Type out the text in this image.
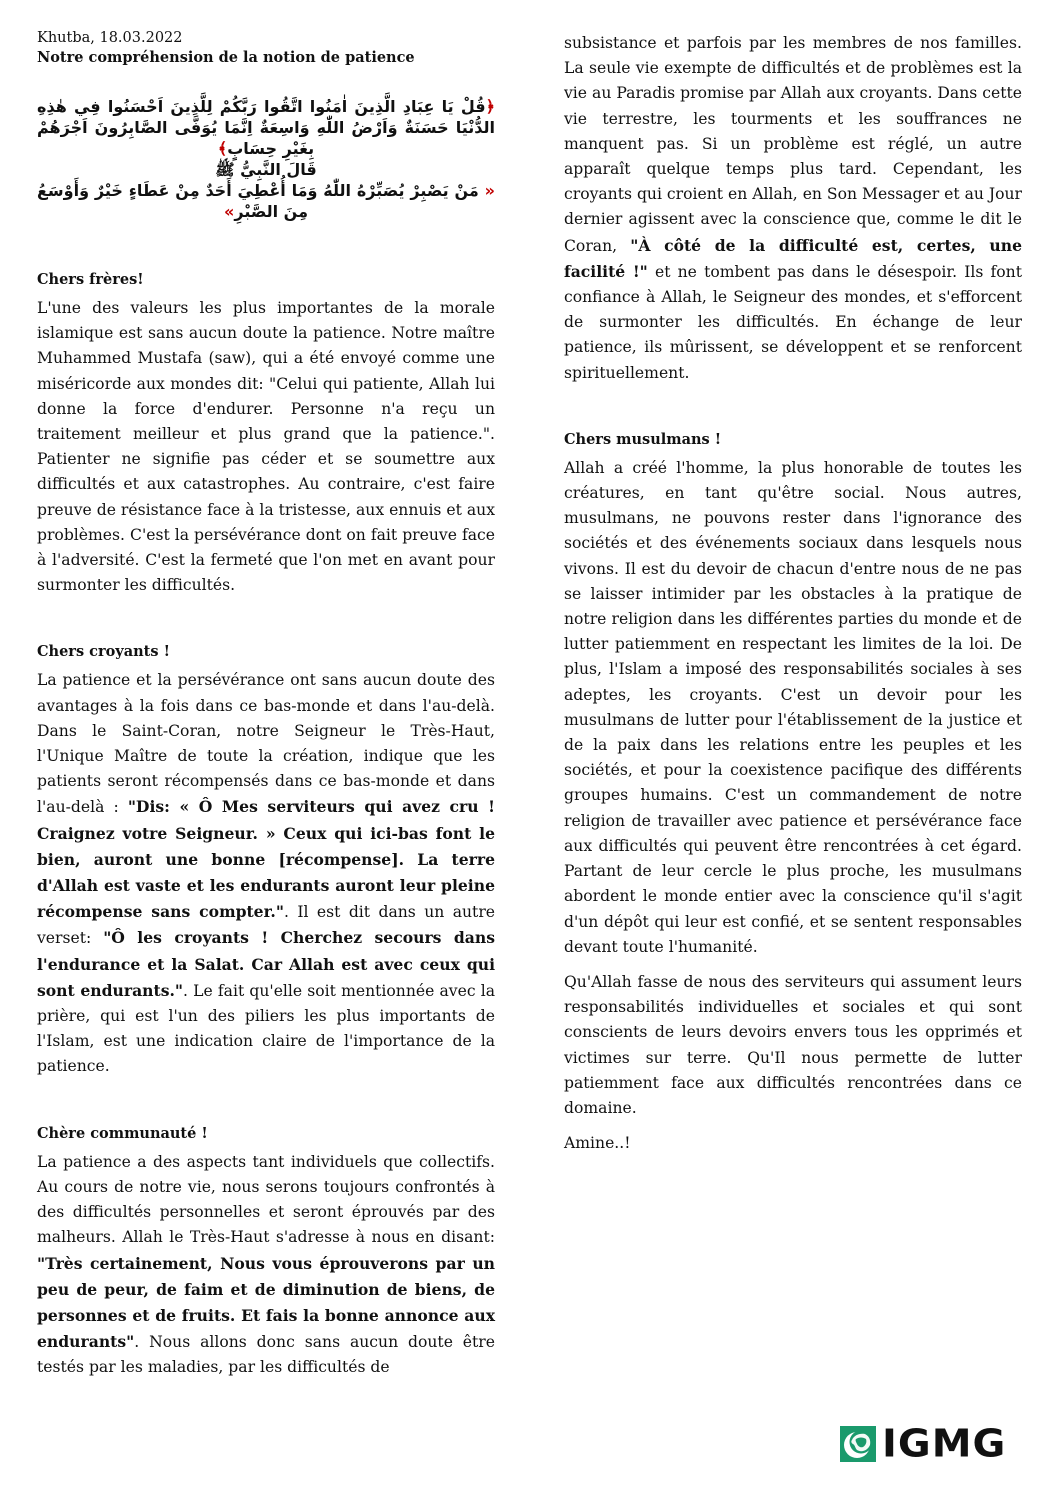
Khutba, 18.03.2022

Notre compréhension de la notion de patience

﴿قُلْ يَا عِبَادِ الَّذِينَ اٰمَنُوا اتَّقُوا رَبَّكُمْ لِلَّذِينَ اَحْسَنُوا فِي هٰذِهِ الدُّنْيَا حَسَنَةٌ وَاَرْضُ اللّٰهِ وَاسِعَةٌ اِنَّمَا يُوَفَّى الصَّابِرُونَ اَجْرَهُمْ بِغَيْرِ حِسَابٍ﴾
قَالَ النَّبِيُّ ﷺ
« مَنْ يَصْبِرْ يُصَبِّرْهُ اللّٰهُ وَمَا أُعْطِيَ أَحَدٌ مِنْ عَطَاءٍ خَيْرٌ وَأَوْسَعُ مِنَ الصَّبْرِ»

Chers frères!

L'une des valeurs les plus importantes de la morale islamique est sans aucun doute la patience. Notre maître Muhammed Mustafa (saw), qui a été envoyé comme une miséricorde aux mondes dit: "Celui qui patiente, Allah lui donne la force d'endurer. Personne n'a reçu un traitement meilleur et plus grand que la patience.". Patienter ne signifie pas céder et se soumettre aux difficultés et aux catastrophes. Au contraire, c'est faire preuve de résistance face à la tristesse, aux ennuis et aux problèmes. C'est la persévérance dont on fait preuve face à l'adversité. C'est la fermeté que l'on met en avant pour surmonter les difficultés.

Chers croyants !

La patience et la persévérance ont sans aucun doute des avantages à la fois dans ce bas-monde et dans l'au-delà. Dans le Saint-Coran, notre Seigneur le Très-Haut, l'Unique Maître de toute la création, indique que les patients seront récompensés dans ce bas-monde et dans l'au-delà : "Dis: « Ô Mes serviteurs qui avez cru ! Craignez votre Seigneur. » Ceux qui ici-bas font le bien, auront une bonne [récompense]. La terre d'Allah est vaste et les endurants auront leur pleine récompense sans compter.". Il est dit dans un autre verset: "Ô les croyants ! Cherchez secours dans l'endurance et la Salat. Car Allah est avec ceux qui sont endurants.". Le fait qu'elle soit mentionnée avec la prière, qui est l'un des piliers les plus importants de l'Islam, est une indication claire de l'importance de la patience.

Chère communauté !

La patience a des aspects tant individuels que collectifs. Au cours de notre vie, nous serons toujours confrontés à des difficultés personnelles et seront éprouvés par des malheurs. Allah le Très-Haut s'adresse à nous en disant: "Très certainement, Nous vous éprouverons par un peu de peur, de faim et de diminution de biens, de personnes et de fruits. Et fais la bonne annonce aux endurants". Nous allons donc sans aucun doute être testés par les maladies, par les difficultés de

subsistance et parfois par les membres de nos familles. La seule vie exempte de difficultés et de problèmes est la vie au Paradis promise par Allah aux croyants. Dans cette vie terrestre, les tourments et les souffrances ne manquent pas. Si un problème est réglé, un autre apparaît quelque temps plus tard. Cependant, les croyants qui croient en Allah, en Son Messager et au Jour dernier agissent avec la conscience que, comme le dit le Coran, "À côté de la difficulté est, certes, une facilité !" et ne tombent pas dans le désespoir. Ils font confiance à Allah, le Seigneur des mondes, et s'efforcent de surmonter les difficultés. En échange de leur patience, ils mûrissent, se développent et se renforcent spirituellement.

Chers musulmans !

Allah a créé l'homme, la plus honorable de toutes les créatures, en tant qu'être social. Nous autres, musulmans, ne pouvons rester dans l'ignorance des sociétés et des événements sociaux dans lesquels nous vivons. Il est du devoir de chacun d'entre nous de ne pas se laisser intimider par les obstacles à la pratique de notre religion dans les différentes parties du monde et de lutter patiemment en respectant les limites de la loi. De plus, l'Islam a imposé des responsabilités sociales à ses adeptes, les croyants. C'est un devoir pour les musulmans de lutter pour l'établissement de la justice et de la paix dans les relations entre les peuples et les sociétés, et pour la coexistence pacifique des différents groupes humains. C'est un commandement de notre religion de travailler avec patience et persévérance face aux difficultés qui peuvent être rencontrées à cet égard. Partant de leur cercle le plus proche, les musulmans abordent le monde entier avec la conscience qu'il s'agit d'un dépôt qui leur est confié, et se sentent responsables devant toute l'humanité.

Qu'Allah fasse de nous des serviteurs qui assument leurs responsabilités individuelles et sociales et qui sont conscients de leurs devoirs envers tous les opprimés et victimes sur terre. Qu'Il nous permette de lutter patiemment face aux difficultés rencontrées dans ce domaine.

Amine..!

IGMG
